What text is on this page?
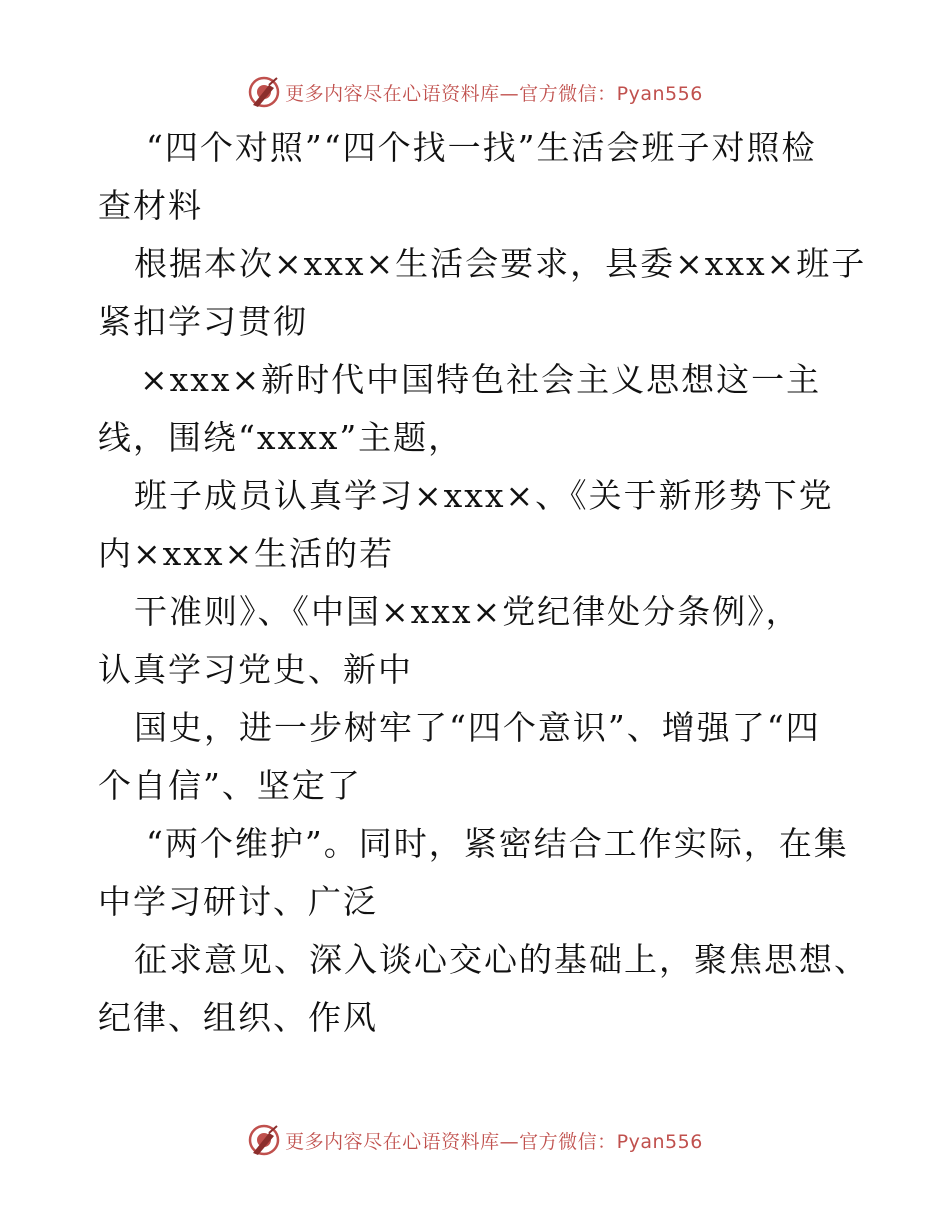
更多内容尽在心语资料库—官方微信：Pyan556
“四个对照”“四个找一找”生活会班子对照检
查材料
根据本次×xxx×生活会要求，县委×xxx×班子
紧扣学习贯彻
×xxx×新时代中国特色社会主义思想这一主
线，围绕“xxxx”主题，
班子成员认真学习×xxx×、《关于新形势下党
内×xxx×生活的若
干准则》、《中国×xxx×党纪律处分条例》，
认真学习党史、新中
国史，进一步树牢了“四个意识”、增强了“四
个自信”、坚定了
“两个维护”。同时，紧密结合工作实际，在集
中学习研讨、广泛
征求意见、深入谈心交心的基础上，聚焦思想、
纪律、组织、作风
更多内容尽在心语资料库—官方微信：Pyan556
